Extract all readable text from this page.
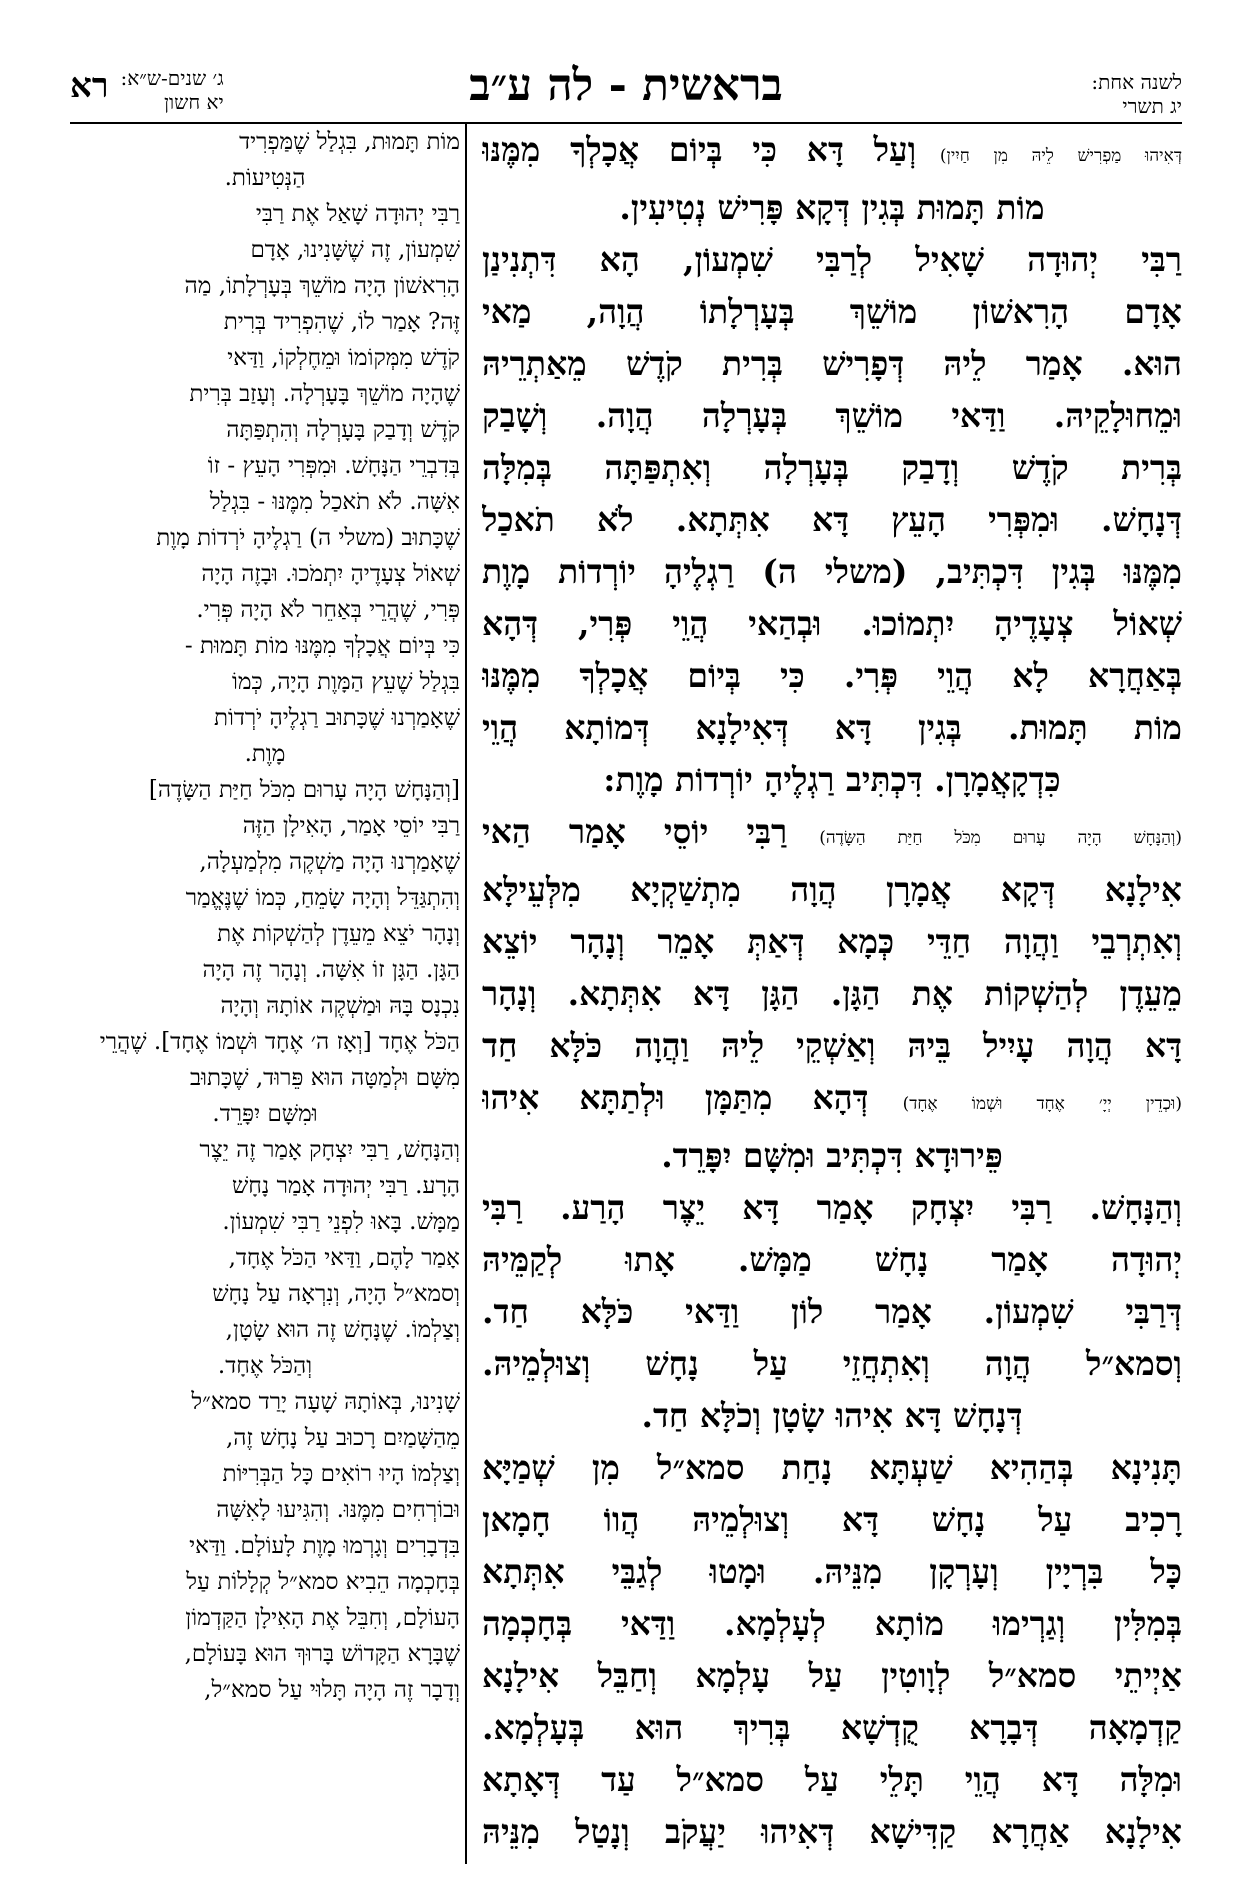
לשנה אחת:
יג תשרי
בראשית - לה ע״ב
ג׳ שנים-ש״א:
יא חשון
רא
דְּאִיהוּ מַפְרִישׁ לֵיהּ מִן חַיִין) וְעַל דָּא כִּי בְּיוֹם אֲכָלְךָ מִמֶּנּוּ
מוֹת תָּמוּת בְּגִין דְּקָא פָּרִישׁ נְטִיעִין.
רַבִּי יְהוּדָה שָׁאִיל לְרַבִּי שִׁמְעוֹן, הָא דִּתְנִינַן
אָדָם הָרִאשׁוֹן מוֹשֵׁךְ בְּעָרְלָתוֹ הֲוָה, מַאי
הוּא. אָמַר לֵיהּ דְּפָרִישׁ בְּרִית קֹדֶשׁ מֵאַתְרֵיהּ
וּמֵחוּלָקֵיהּ. וַדַּאי מוֹשֵׁךְ בְּעָרְלָה הֲוָה. וְשָׁבַק
בְּרִית קֹדֶשׁ וְדָבַק בְּעָרְלָה וְאִתְפַּתָּה בְּמִלָּה
דְּנָחָשׁ. וּמִפְּרִי הָעֵץ דָּא אִתְּתָא. לֹא תֹאכַל
מִמֶּנּוּ בְּגִין דִּכְתִּיב, (משלי ה) רַגְלֶיהָ יוֹרְדוֹת מָוֶת
שְׁאוֹל צְעָדֶיהָ יִתְמוֹכוּ. וּבְהַאי הֲוֵי פְּרִי, דְּהָא
בְּאַחֲרָא לָא הֲוֵי פְּרִי. כִּי בְּיוֹם אֲכָלְךָ מִמֶּנּוּ
מוֹת תָּמוּת. בְּגִין דָּא דְּאִילָנָא דְּמוֹתָא הֲוֵי
כִּדְקָאֲמָרָן. דִּכְתִּיב רַגְלֶיהָ יוֹרְדוֹת מָוֶת:
(וְהַנָּחָשׁ הָיָה עָרוּם מִכֹּל חַיַּת הַשָּׂדֶה) רַבִּי יוֹסֵי אָמַר הַאי
אִילָנָא דְּקָא אֲמָרָן הֲוָה מִתְשַׁקְיָא מִלְּעֵילָּא
וְאִתְרְבֵי וַהֲוָה חַדֵּי כְּמָא דְּאַתְּ אָמֵר וְנָהָר יוֹצֵא
מֵעֵדֶן לְהַשְׁקוֹת אֶת הַגָּן. הַגָּן דָּא אִתְּתָא. וְנָהָר
דָּא הֲוָה עָיִיל בֵּיהּ וְאַשְׁקֵי לֵיהּ וַהֲוָה כֹּלָּא חַד
(וּכְדֵין יְיָ׳ אֶחָד וּשְׁמוֹ אֶחָד) דְּהָא מִתַּמָּן וּלְתַתָּא אִיהוּ
פֵּירוּדָא דִּכְתִּיב וּמִשָּׁם יִפָּרֵד.
וְהַנָּחָשׁ. רַבִּי יִצְחָק אָמַר דָּא יֵצֶר הָרַע. רַבִּי
יְהוּדָה אָמַר נָחָשׁ מַמָּשׁ. אָתוּ לְקַמֵּיהּ
דְּרַבִּי שִׁמְעוֹן. אָמַר לוֹן וַדַּאי כֹּלָּא חַד.
וְסמא״ל הֲוָה וְאִתְחֲזֵי עַל נָחָשׁ וְצוּלְמֵיהּ.
דְּנָחָשׁ דָּא אִיהוּ שָׂטָן וְכֹלָּא חַד.
תָּנִינָא בְּהַהִיא שַׁעְתָּא נָחַת סמא״ל מִן שְׁמַיָּא
רָכִיב עַל נָחָשׁ דָּא וְצוּלְמֵיהּ הֲווֹ חָמָאן
כָּל בִּרְיָין וְעָרְקָן מִנֵּיהּ. וּמָטוּ לְגַבֵּי אִתְּתָא
בְּמִלִּין וְגַרְימוּ מוֹתָא לְעָלְמָא. וַדַּאי בְּחָכְמָה
אַיְיתֵי סמא״ל לְוָוטִין עַל עָלְמָא וְחַבֵּל אִילָנָא
קַדְמָאָה דְּבָרָא קֻדְשָׁא בְּרִיךְ הוּא בְּעָלְמָא.
וּמִלָּה דָּא הֲוֵי תָּלֵי עַל סמא״ל עַד דְּאָתָא
אִילָנָא אַחֲרָא קַדִּישָׁא דְּאִיהוּ יַעֲקֹב וְנָטַל מִנֵּיהּ
מוֹת תָּמוּת, בִּגְלַל שֶׁמַּפְרִיד
הַנְּטִיעוֹת.
רַבִּי יְהוּדָה שָׁאַל אֶת רַבִּי
שִׁמְעוֹן, זֶה שֶׁשָּׁנִינוּ, אָדָם
הָרִאשׁוֹן הָיָה מוֹשֵׁךְ בְּעָרְלָתוֹ, מַה
זֶּה? אָמַר לוֹ, שֶׁהִפְרִיד בְּרִית
קֹדֶשׁ מִמְּקוֹמוֹ וּמֵחֶלְקוֹ, וַדַּאי
שֶׁהָיָה מוֹשֵׁךְ בָּעָרְלָה. וְעָזַב בְּרִית
קֹדֶשׁ וְדָבַק בָּעָרְלָה וְהִתְפַּתָּה
בְּדִבְרֵי הַנָּחָשׁ. וּמִפְּרִי הָעֵץ - זוֹ
אִשָּׁה. לֹא תֹאכַל מִמֶּנּוּ - בִּגְלַל
שֶׁכָּתוּב (משלי ה) רַגְלֶיהָ יֹרְדוֹת מָוֶת
שְׁאוֹל צְעָדֶיהָ יִתְמֹכוּ. וּבָזֶה הָיָה
פְּרִי, שֶׁהֲרֵי בְּאַחֵר לֹא הָיָה פְּרִי.
כִּי בְּיוֹם אֲכָלְךָ מִמֶּנּוּ מוֹת תָּמוּת -
בִּגְלַל שֶׁעֵץ הַמָּוֶת הָיָה, כְּמוֹ
שֶׁאָמַרְנוּ שֶׁכָּתוּב רַגְלֶיהָ יֹרְדוֹת
מָוֶת.
[וְהַנָּחָשׁ הָיָה עָרוּם מִכֹּל חַיַּת הַשָּׂדֶה]
רַבִּי יוֹסֵי אָמַר, הָאִילָן הַזֶּה
שֶׁאָמַרְנוּ הָיָה מַשְׁקֶה מִלְמַעְלָה,
וְהִתְגַּדֵּל וְהָיָה שָׂמֵחַ, כְּמוֹ שֶׁנֶּאֱמַר
וְנָהָר יֹצֵא מֵעֵדֶן לְהַשְׁקוֹת אֶת
הַגָּן. הַגָּן זוֹ אִשָּׁה. וְנָהָר זֶה הָיָה
נִכְנָס בָּהּ וּמַשְׁקֶה אוֹתָהּ וְהָיָה
הַכֹּל אֶחָד [וְאָז ה׳ אֶחָד וּשְׁמוֹ אֶחָד]. שֶׁהֲרֵי
מִשָּׁם וּלְמַטָּה הוּא פֵּרוּד, שֶׁכָּתוּב
וּמִשָּׁם יִפָּרֵד.
וְהַנָּחָשׁ, רַבִּי יִצְחָק אָמַר זֶה יֵצֶר
הָרָע. רַבִּי יְהוּדָה אָמַר נָחָשׁ
מַמָּשׁ. בָּאוּ לִפְנֵי רַבִּי שִׁמְעוֹן.
אָמַר לָהֶם, וַדַּאי הַכֹּל אֶחָד,
וְסמא״ל הָיָה, וְנִרְאָה עַל נָחָשׁ
וְצַלְמוֹ. שֶׁנָּחָשׁ זֶה הוּא שָׂטָן,
וְהַכֹּל אֶחָד.
שָׁנִינוּ, בְּאוֹתָהּ שָׁעָה יָרַד סמא״ל
מֵהַשָּׁמַיִם רָכוּב עַל נָחָשׁ זֶה,
וְצַלְמוֹ הָיוּ רוֹאִים כָּל הַבְּרִיּוֹת
וּבוֹרְחִים מִמֶּנּוּ. וְהִגִּיעוּ לָאִשָּׁה
בִּדְבָרִים וְגָרְמוּ מָוֶת לָעוֹלָם. וַדַּאי
בְּחָכְמָה הֵבִיא סמא״ל קְלָלוֹת עַל
הָעוֹלָם, וְחִבֵּל אֶת הָאִילָן הַקַּדְמוֹן
שֶׁבָּרָא הַקָּדוֹשׁ בָּרוּךְ הוּא בָּעוֹלָם,
וְדָבָר זֶה הָיָה תָּלוּי עַל סמא״ל,
